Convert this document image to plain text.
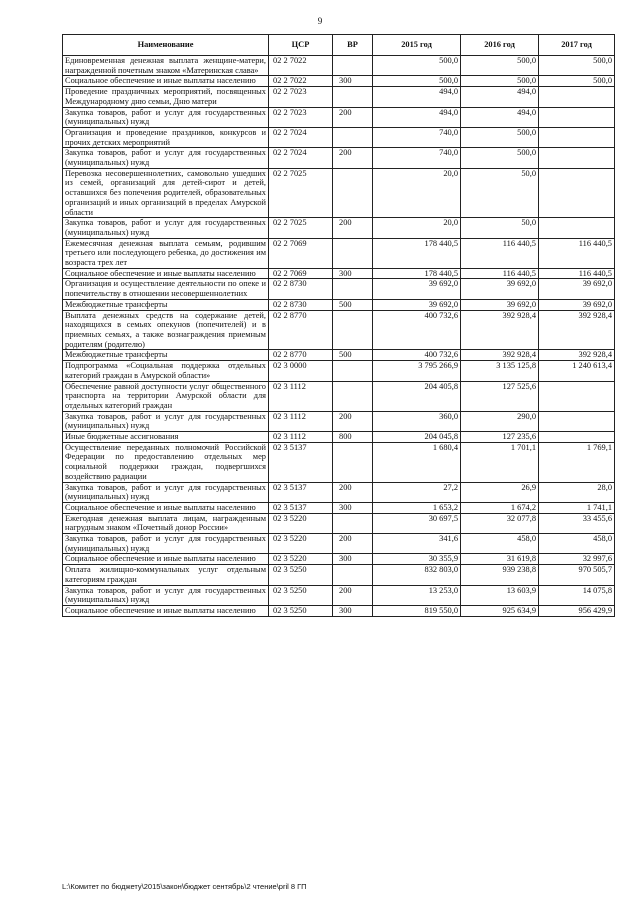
9
Наименование	ЦСР	ВР	2015 год	2016 год	2017 год
Единовременная денежная выплата женщине-матери, награжденной почетным знаком «Материнская слава»	02 2 7022		500,0	500,0	500,0
Социальное обеспечение и иные выплаты населению	02 2 7022	300	500,0	500,0	500,0
Проведение праздничных мероприятий, посвященных Международному дню семьи, Дню матери	02 2 7023		494,0	494,0	
Закупка товаров, работ и услуг для государственных (муниципальных) нужд	02 2 7023	200	494,0	494,0	
Организация и проведение праздников, конкурсов и прочих детских мероприятий	02 2 7024		740,0	500,0	
Закупка товаров, работ и услуг для государственных (муниципальных) нужд	02 2 7024	200	740,0	500,0	
Перевозка несовершеннолетних, самовольно ушедших из семей, организаций для детей-сирот и детей, оставшихся без попечения родителей, образовательных организаций и иных организаций в пределах Амурской области	02 2 7025		20,0	50,0	
Закупка товаров, работ и услуг для государственных (муниципальных) нужд	02 2 7025	200	20,0	50,0	
Ежемесячная денежная выплата семьям, родившим третьего или последующего ребенка, до достижения им возраста трех лет	02 2 7069		178 440,5	116 440,5	116 440,5
Социальное обеспечение и иные выплаты населению	02 2 7069	300	178 440,5	116 440,5	116 440,5
Организация и осуществление деятельности по опеке и попечительству в отношении несовершеннолетних	02 2 8730		39 692,0	39 692,0	39 692,0
Межбюджетные трансферты	02 2 8730	500	39 692,0	39 692,0	39 692,0
Выплата денежных средств на содержание детей, находящихся в семьях опекунов (попечителей) и в приемных семьях, а также вознаграждения приемным родителям (родителю)	02 2 8770		400 732,6	392 928,4	392 928,4
Межбюджетные трансферты	02 2 8770	500	400 732,6	392 928,4	392 928,4
Подпрограмма «Социальная поддержка отдельных категорий граждан в Амурской области»	02 3 0000		3 795 266,9	3 135 125,8	1 240 613,4
Обеспечение равной доступности услуг общественного транспорта на территории Амурской области для отдельных категорий граждан	02 3 1112		204 405,8	127 525,6	
Закупка товаров, работ и услуг для государственных (муниципальных) нужд	02 3 1112	200	360,0	290,0	
Иные бюджетные ассигнования	02 3 1112	800	204 045,8	127 235,6	
Осуществление переданных полномочий Российской Федерации по предоставлению отдельных мер социальной поддержки граждан, подвергшихся воздействию радиации	02 3 5137		1 680,4	1 701,1	1 769,1
Закупка товаров, работ и услуг для государственных (муниципальных) нужд	02 3 5137	200	27,2	26,9	28,0
Социальное обеспечение и иные выплаты населению	02 3 5137	300	1 653,2	1 674,2	1 741,1
Ежегодная денежная выплата лицам, награжденным нагрудным знаком «Почетный донор России»	02 3 5220		30 697,5	32 077,8	33 455,6
Закупка товаров, работ и услуг для государственных (муниципальных) нужд	02 3 5220	200	341,6	458,0	458,0
Социальное обеспечение и иные выплаты населению	02 3 5220	300	30 355,9	31 619,8	32 997,6
Оплата жилищно-коммунальных услуг отдельным категориям граждан	02 3 5250		832 803,0	939 238,8	970 505,7
Закупка товаров, работ и услуг для государственных (муниципальных) нужд	02 3 5250	200	13 253,0	13 603,9	14 075,8
Социальное обеспечение и иные выплаты населению	02 3 5250	300	819 550,0	925 634,9	956 429,9
L:\Комитет по бюджету\2015\закон\бюджет сентябрь\2 чтение\pril 8 ГП
